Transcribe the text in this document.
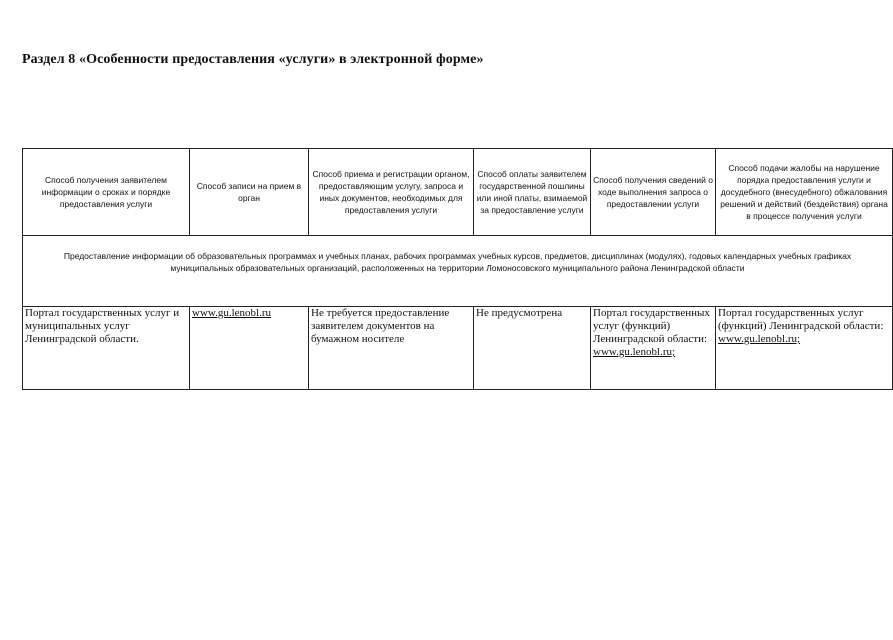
Раздел 8 «Особенности предоставления «услуги» в электронной форме»
Способ получения заявителем информации о сроках и порядке предоставления услуги	Способ записи на прием в орган	Способ приема и регистрации органом, предоставляющим услугу, запроса и иных документов, необходимых для предоставления услуги	Способ оплаты заявителем государственной пошлины или иной платы, взимаемой за предоставление услуги	Способ получения сведений о ходе выполнения запроса о предоставлении услуги	Способ подачи жалобы на нарушение порядка предоставления услуги и досудебного (внесудебного) обжалования решений и действий (бездействия) органа в процессе получения услуги

Предоставление информации об образовательных программах и учебных планах, рабочих программах учебных курсов, предметов, дисциплинах (модулях), годовых календарных учебных графиках
муниципальных образовательных организаций, расположенных на территории Ломоносовского муниципального района Ленинградской области					

Портал государственных услуг и муниципальных услуг Ленинградской области.	www.gu.lenobl.ru	Не требуется предоставление заявителем документов на бумажном носителе	Не предусмотрена	Портал государственных услуг (функций) Ленинградской области: www.gu.lenobl.ru;	Портал государственных услуг (функций) Ленинградской области: www.gu.lenobl.ru;
